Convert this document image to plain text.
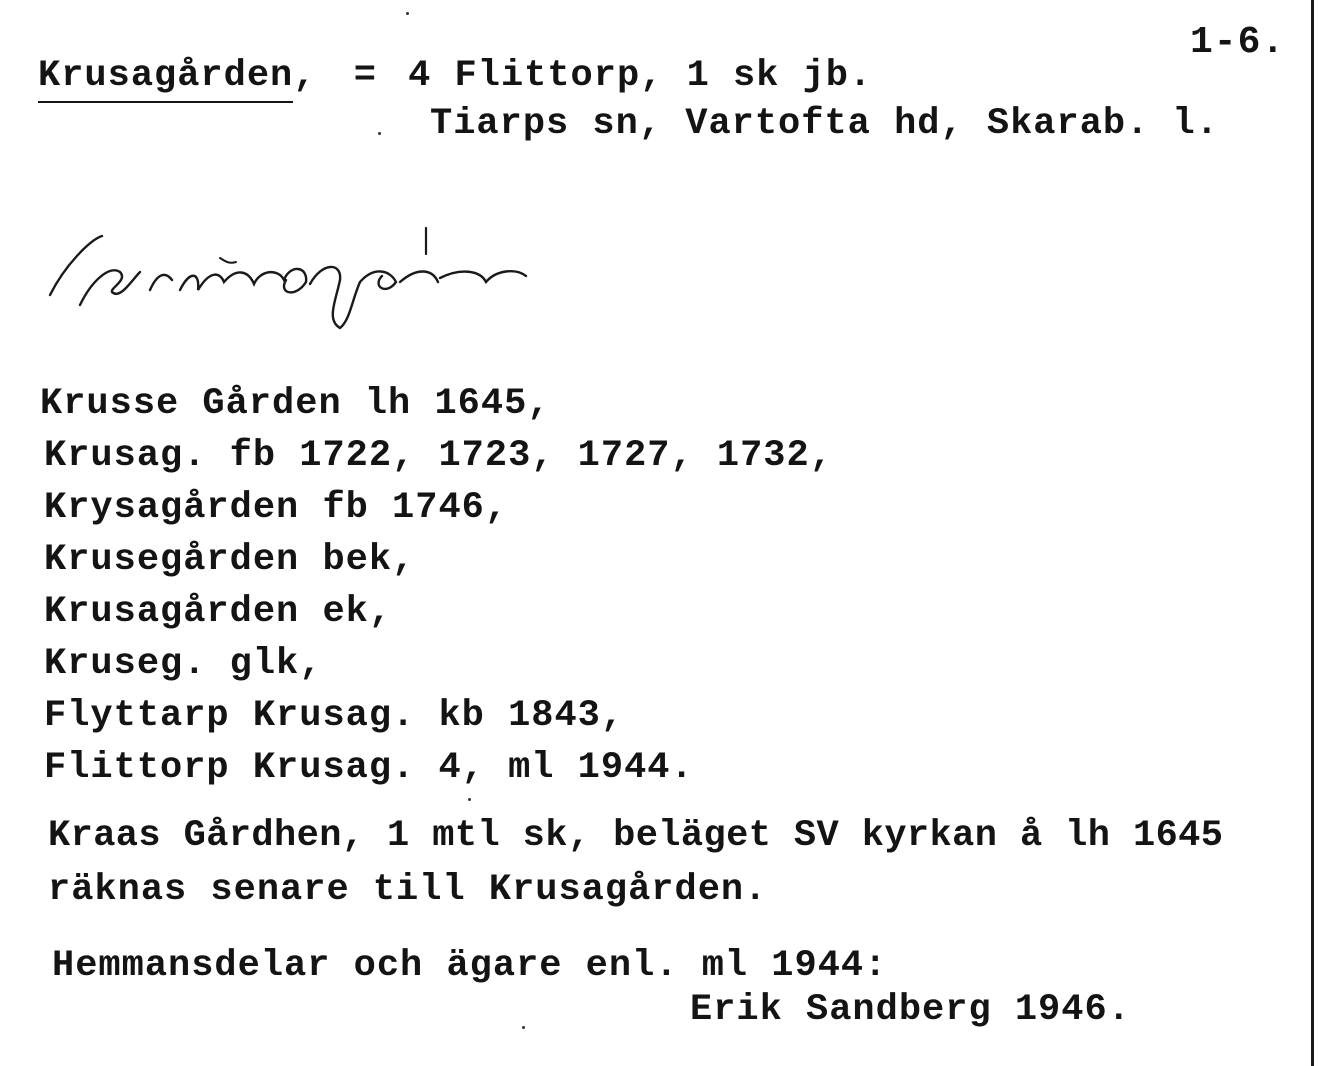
1-6.
Krusagården, = 4 Flittorp, 1 sk jb.
Tiarps sn, Vartofta hd, Skarab. l.
krusagårn
Krusse Gården lh 1645,
Krusag. fb 1722, 1723, 1727, 1732,
Krysagården fb 1746,
Krusegården bek,
Krusagården ek,
Kruseg. glk,
Flyttarp Krusag. kb 1843,
Flittorp Krusag. 4, ml 1944.
Kraas Gårdhen, 1 mtl sk, beläget SV kyrkan å lh 1645
räknas senare till Krusagården.
Hemmansdelar och ägare enl. ml 1944:
Erik Sandberg 1946.
